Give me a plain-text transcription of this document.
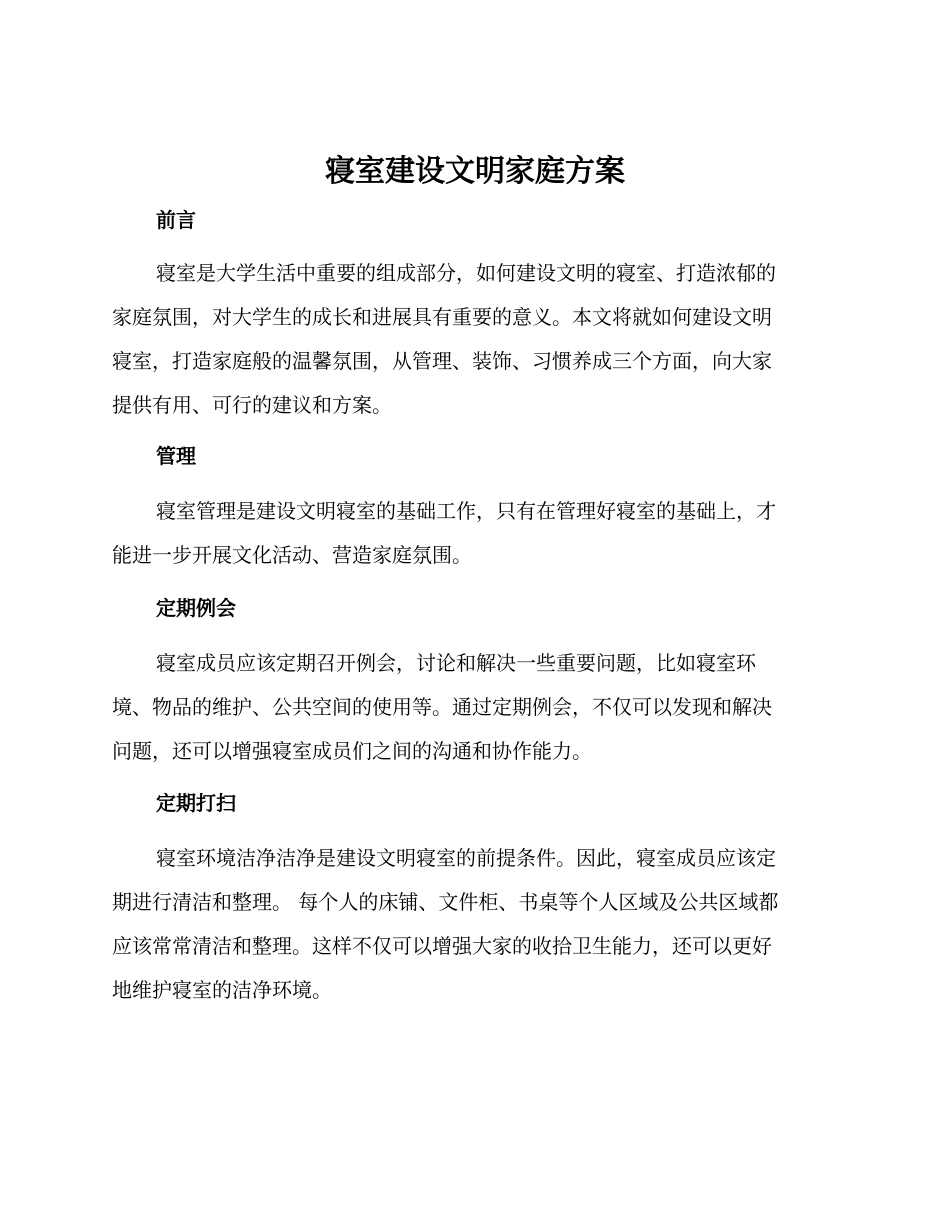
寝室建设文明家庭方案
前言
寝室是大学生活中重要的组成部分，如何建设文明的寝室、打造浓郁的
家庭氛围，对大学生的成长和进展具有重要的意义。本文将就如何建设文明
寝室，打造家庭般的温馨氛围，从管理、装饰、习惯养成三个方面，向大家
提供有用、可行的建议和方案。
管理
寝室管理是建设文明寝室的基础工作，只有在管理好寝室的基础上，才
能进一步开展文化活动、营造家庭氛围。
定期例会
寝室成员应该定期召开例会，讨论和解决一些重要问题，比如寝室环
境、物品的维护、公共空间的使用等。通过定期例会，不仅可以发现和解决
问题，还可以增强寝室成员们之间的沟通和协作能力。
定期打扫
寝室环境洁净洁净是建设文明寝室的前提条件。因此，寝室成员应该定
期进行清洁和整理。 每个人的床铺、文件柜、书桌等个人区域及公共区域都
应该常常清洁和整理。这样不仅可以增强大家的收拾卫生能力，还可以更好
地维护寝室的洁净环境。
